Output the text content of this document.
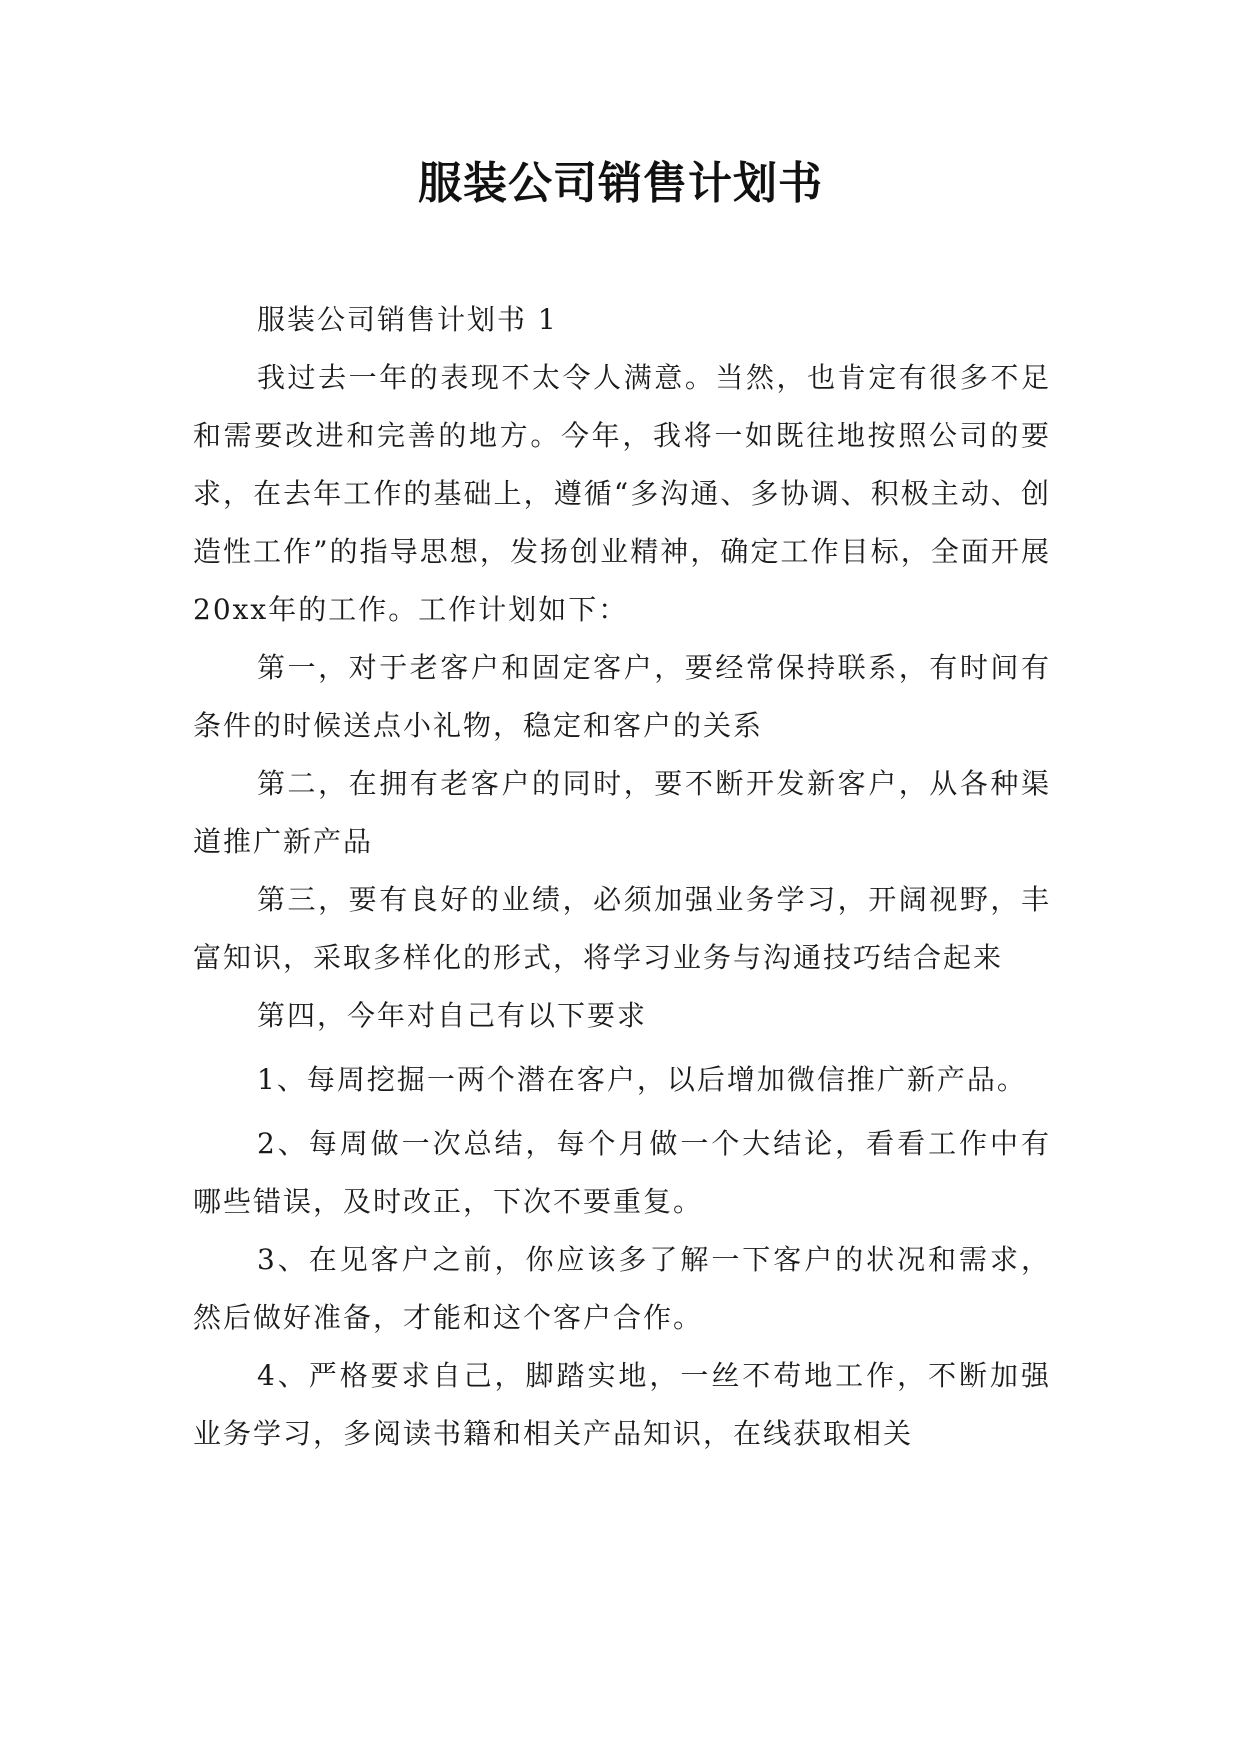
服装公司销售计划书

服装公司销售计划书 1

我过去一年的表现不太令人满意。当然，也肯定有很多不足和需要改进和完善的地方。今年，我将一如既往地按照公司的要求，在去年工作的基础上，遵循“多沟通、多协调、积极主动、创造性工作”的指导思想，发扬创业精神，确定工作目标，全面开展20xx年的工作。工作计划如下：

第一，对于老客户和固定客户，要经常保持联系，有时间有条件的时候送点小礼物，稳定和客户的关系

第二，在拥有老客户的同时，要不断开发新客户，从各种渠道推广新产品

第三，要有良好的业绩，必须加强业务学习，开阔视野，丰富知识，采取多样化的形式，将学习业务与沟通技巧结合起来

第四，今年对自己有以下要求

1、每周挖掘一两个潜在客户，以后增加微信推广新产品。

2、每周做一次总结，每个月做一个大结论，看看工作中有哪些错误，及时改正，下次不要重复。

3、在见客户之前，你应该多了解一下客户的状况和需求，然后做好准备，才能和这个客户合作。

4、严格要求自己，脚踏实地，一丝不苟地工作，不断加强业务学习，多阅读书籍和相关产品知识，在线获取相关
